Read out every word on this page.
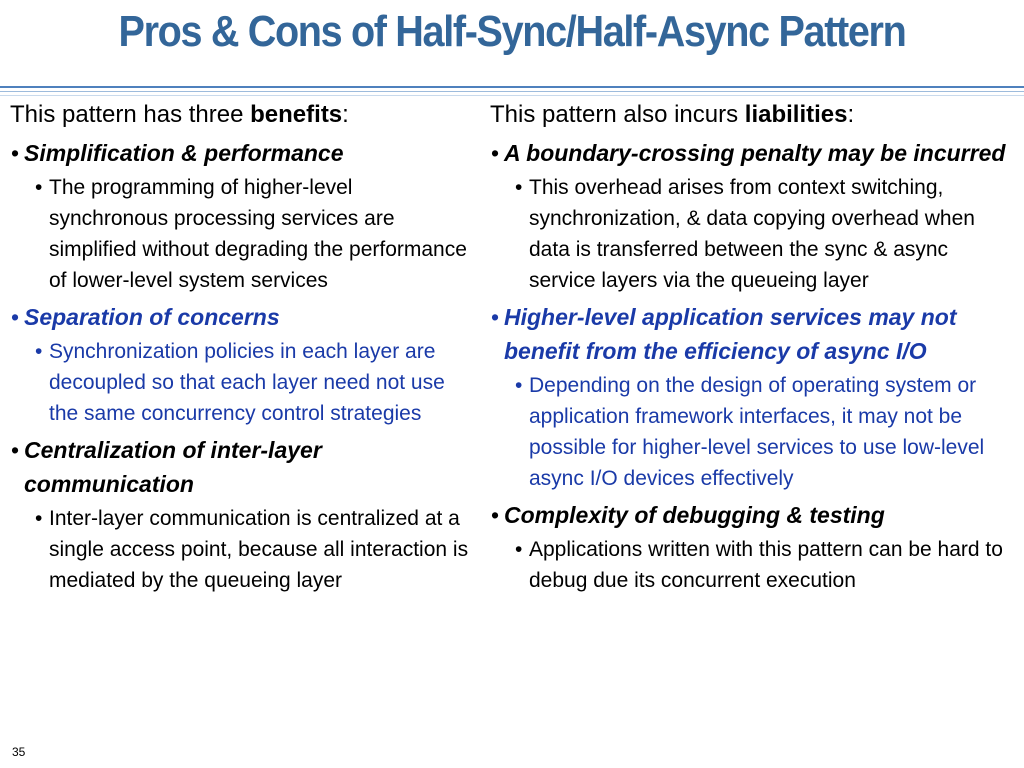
Pros & Cons of Half-Sync/Half-Async Pattern
This pattern has three benefits:
• Simplification & performance
• The programming of higher-level synchronous processing services are simplified without degrading the performance of lower-level system services
• Separation of concerns
• Synchronization policies in each layer are decoupled so that each layer need not use the same concurrency control strategies
• Centralization of inter-layer communication
• Inter-layer communication is centralized at a single access point, because all interaction is mediated by the queueing layer
This pattern also incurs liabilities:
• A boundary-crossing penalty may be incurred
• This overhead arises from context switching, synchronization, & data copying overhead when data is transferred between the sync & async service layers via the queueing layer
• Higher-level application services may not benefit from the efficiency of async I/O
• Depending on the design of operating system or application framework interfaces, it may not be possible for higher-level services to use low-level async I/O devices effectively
• Complexity of debugging & testing
• Applications written with this pattern can be hard to debug due its concurrent execution
35
